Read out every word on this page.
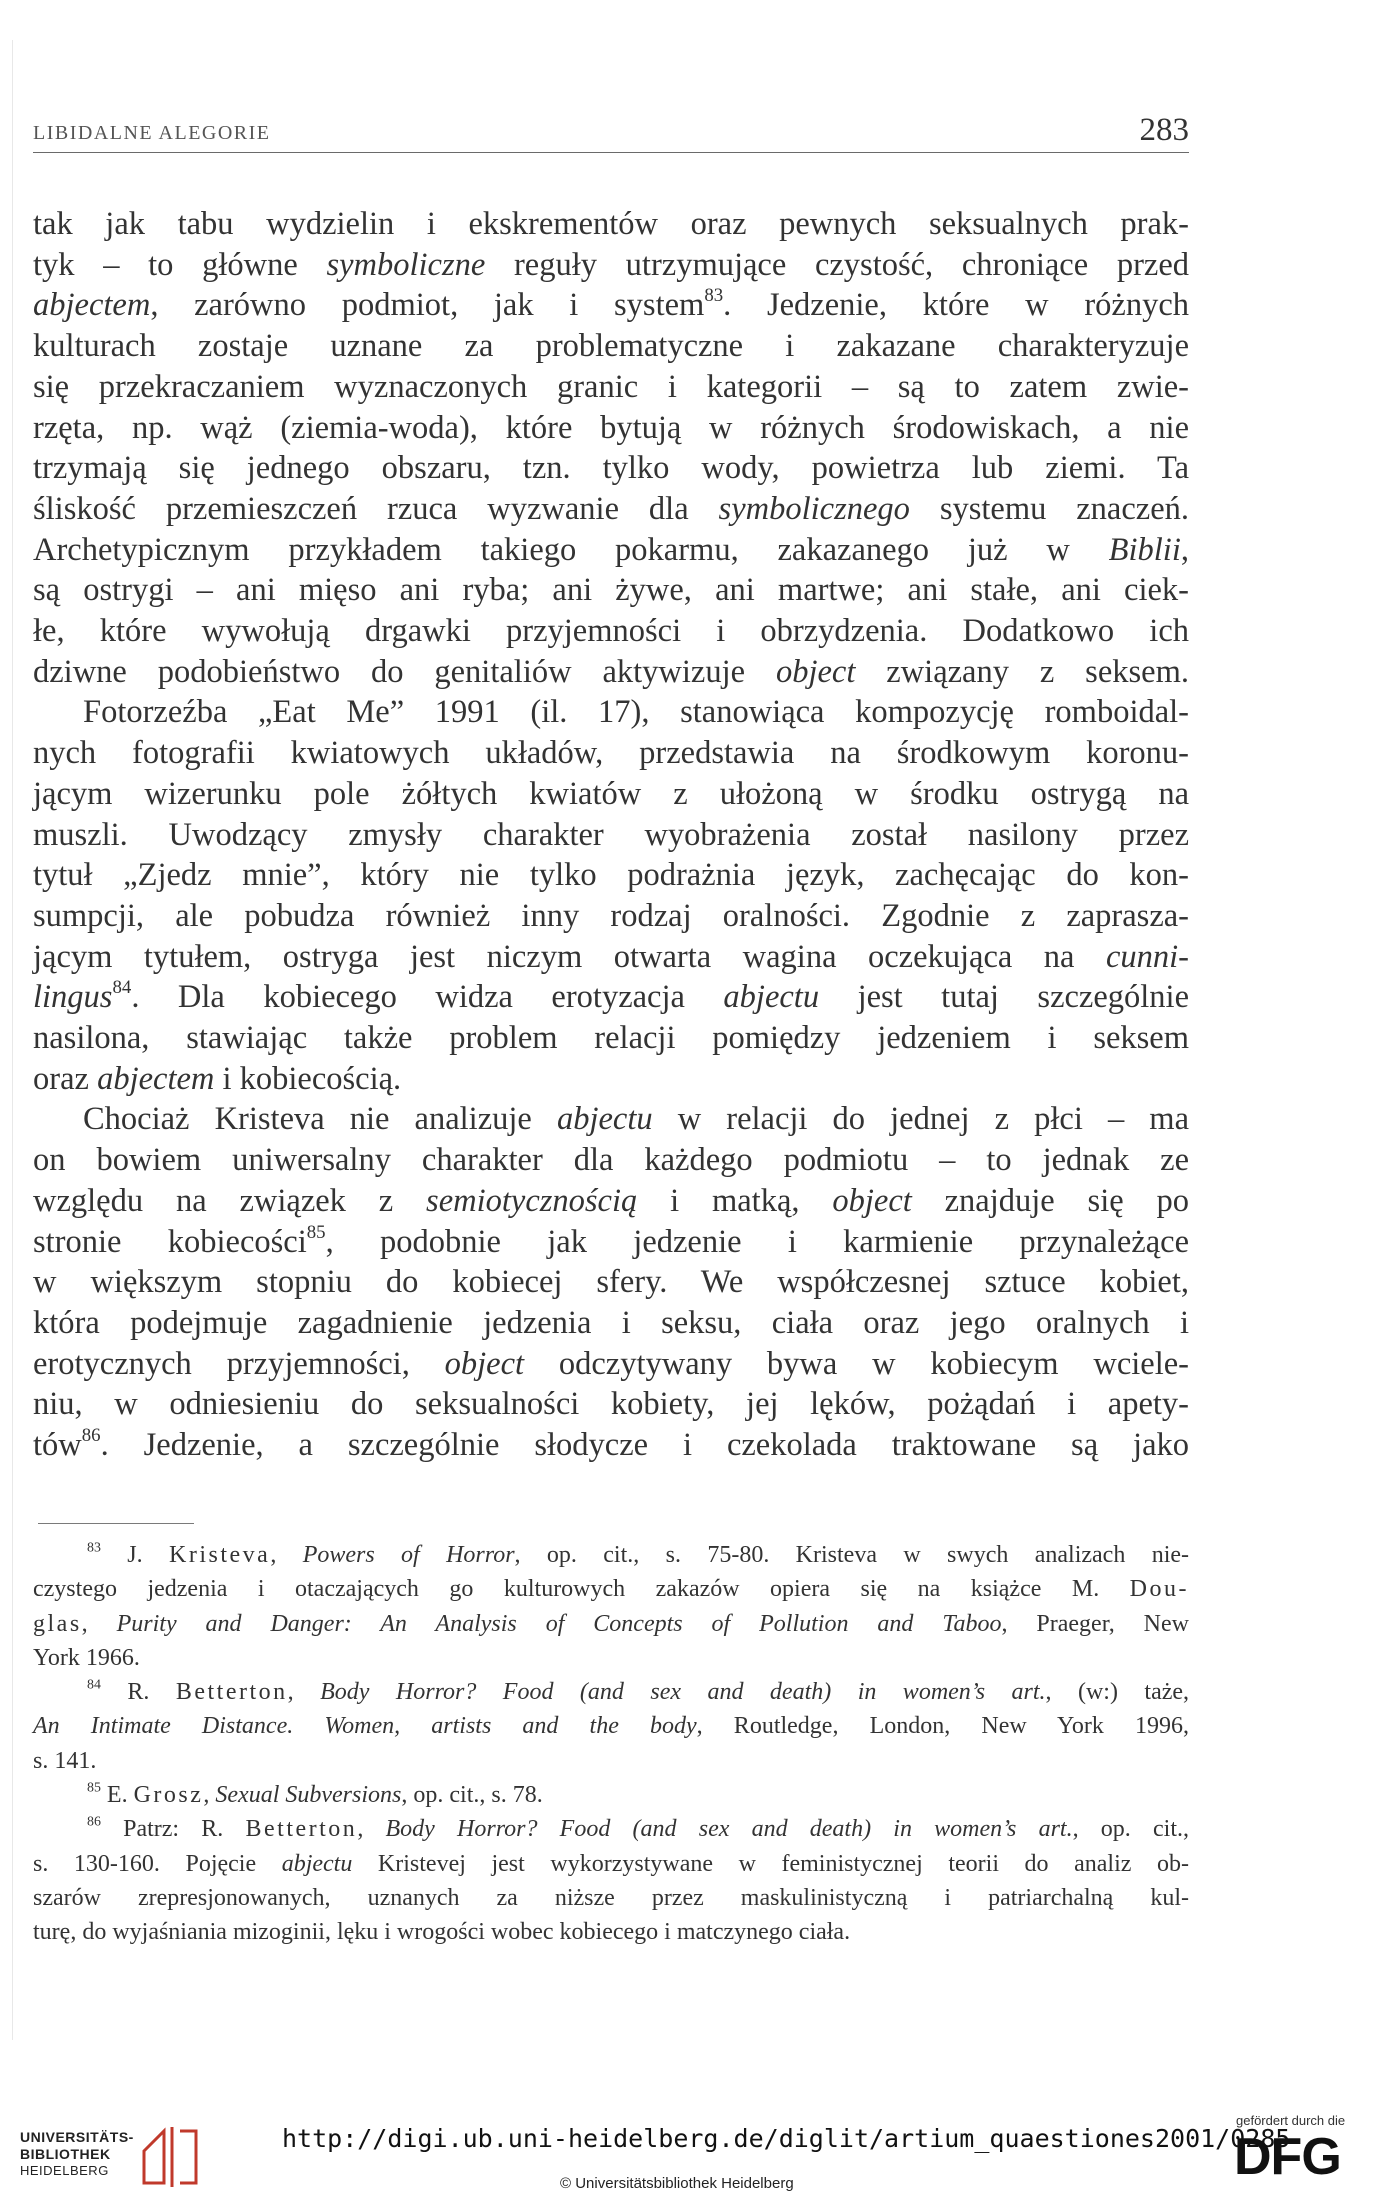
LIBIDALNE ALEGORIE	283
tak jak tabu wydzielin i ekskrementów oraz pewnych seksualnych prak-
tyk – to główne symboliczne reguły utrzymujące czystość, chroniące przed
abjectem, zarówno podmiot, jak i system$^{83}$. Jedzenie, które w różnych
kulturach zostaje uznane za problematyczne i zakazane charakteryzuje
się przekraczaniem wyznaczonych granic i kategorii – są to zatem zwie-
rzęta, np. wąż (ziemia-woda), które bytują w różnych środowiskach, a nie
trzymają się jednego obszaru, tzn. tylko wody, powietrza lub ziemi. Ta
śliskość przemieszczeń rzuca wyzwanie dla symbolicznego systemu znaczeń.
Archetypicznym przykładem takiego pokarmu, zakazanego już w Biblii,
są ostrygi – ani mięso ani ryba; ani żywe, ani martwe; ani stałe, ani ciek-
łe, które wywołują drgawki przyjemności i obrzydzenia. Dodatkowo ich
dziwne podobieństwo do genitaliów aktywizuje object związany z seksem.
Fotorzeźba „Eat Me” 1991 (il. 17), stanowiąca kompozycję romboidal-
nych fotografii kwiatowych układów, przedstawia na środkowym koronu-
jącym wizerunku pole żółtych kwiatów z ułożoną w środku ostrygą na
muszli. Uwodzący zmysły charakter wyobrażenia został nasilony przez
tytuł „Zjedz mnie”, który nie tylko podrażnia język, zachęcając do kon-
sumpcji, ale pobudza również inny rodzaj oralności. Zgodnie z zaprasza-
jącym tytułem, ostryga jest niczym otwarta wagina oczekująca na cunni-
lingus$^{84}$. Dla kobiecego widza erotyzacja abjectu jest tutaj szczególnie
nasilona, stawiając także problem relacji pomiędzy jedzeniem i seksem
oraz abjectem i kobiecością.
Chociaż Kristeva nie analizuje abjectu w relacji do jednej z płci – ma
on bowiem uniwersalny charakter dla każdego podmiotu – to jednak ze
względu na związek z semiotycznością i matką, object znajduje się po
stronie kobiecości$^{85}$, podobnie jak jedzenie i karmienie przynależące
w większym stopniu do kobiecej sfery. We współczesnej sztuce kobiet,
która podejmuje zagadnienie jedzenia i seksu, ciała oraz jego oralnych i
erotycznych przyjemności, object odczytywany bywa w kobiecym wciele-
niu, w odniesieniu do seksualności kobiety, jej lęków, pożądań i apety-
tów$^{86}$. Jedzenie, a szczególnie słodycze i czekolada traktowane są jako
$^{83}$ J. Kristeva, Powers of Horror, op. cit., s. 75-80. Kristeva w swych analizach nie-
czystego jedzenia i otaczających go kulturowych zakazów opiera się na książce M. Dou-
glas, Purity and Danger: An Analysis of Concepts of Pollution and Taboo, Praeger, New
York 1966.
$^{84}$ R. Betterton, Body Horror? Food (and sex and death) in women’s art., (w:) taże,
An Intimate Distance. Women, artists and the body, Routledge, London, New York 1996,
s. 141.
$^{85}$ E. Grosz, Sexual Subversions, op. cit., s. 78.
$^{86}$ Patrz: R. Betterton, Body Horror? Food (and sex and death) in women’s art., op. cit.,
s. 130-160. Pojęcie abjectu Kristevej jest wykorzystywane w feministycznej teorii do analiz ob-
szarów zrepresjonowanych, uznanych za niższe przez maskulinistyczną i patriarchalną kul-
turę, do wyjaśniania mizoginii, lęku i wrogości wobec kobiecego i matczynego ciała.
UNIVERSITÄTS-
BIBLIOTHEK
HEIDELBERG
http://digi.ub.uni-heidelberg.de/diglit/artium_quaestiones2001/0285
© Universitätsbibliothek Heidelberg
gefördert durch die
DFG
